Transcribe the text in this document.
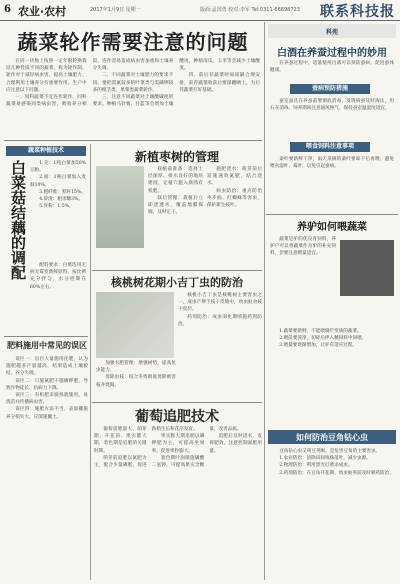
6 农业·农村	2017年1月9日 星期一	版面:孟国勇 校对:李军 Tel:0311-66698723 联系科技报
蔬菜轮作需要注意的问题

在同一块地上按照一定年限轮换栽培几种性质不同的蔬菜，称为轮作制。轮作对于减轻病虫害、提高土壤肥力、合理利用土壤养分有重要作用。生产中应注意以下问题。

一、同科蔬菜不宜连作轮作。同科蔬菜易感染同类病虫害，吸收养分相似，连作容易造成病虫害加重和土壤养分失调。

二、不同蔬菜对土壤肥力的要求不同。要把需氮较多的叶菜类与需磷钾较多的根茎类、果菜类蔬菜轮作。

三、注意不同蔬菜对土壤酸碱度的要求。种植马铃薯、甘蓝等会增加土壤酸度，种植南瓜、玉米等会减少土壤酸度。

四、前后茬蔬菜时间间隔合理安排，前茬蔬菜收获后要深翻晒土，为后茬蔬菜打好基础。

蔬菜种植技术
白菜菇结藕的调配	1.壳：1吨白菜加50%豆粕。

2.面：1吨白菜加入麦麸10%。

3.粗纤维：秸秆15%。

4.碎渣：粗米糠3%。

5.骨粉：1.5%。

配料要求：白菜选用无病无霉变新鲜原料，按比例充分拌匀，水分控制在60%左右。

肥料施用中常见的误区

误区一：盲目大量施用化肥，认为施肥越多产量越高，结果造成土壤板结、养分失调。

误区二：只施氮肥不施磷钾肥，导致作物徒长、抗病力下降。

误区三：有机肥未腐熟就施用，易烧苗并传播病虫害。

误区四：施肥方法不当，表面撒施养分损失大，应深施覆土。

新植枣树的管理

栽植前准备：选择土层深厚、排水良好的地块建园，定植穴施入腐熟有机肥。

栽后管理：栽植后立即浇透水，覆盖地膜保墒，及时定干。

施肥浇水：萌芽前后追施速效氮肥，结合浇水。

病虫防治：重点防治枣步曲、红蜘蛛等害虫，保护新生枝叶。

核桃树花期小吉丁虫的防治

核桃小吉丁虫是核桃树主要害虫之一，成虫产卵于枝干皮缝中，幼虫蛀食枝干皮层。

药剂防治：成虫羽化期喷施药剂防治。

加强水肥管理：增强树势，提高抗虫能力。

剪除虫枝：结合冬剪彻底剪除被害枝并烧毁。

葡萄追肥技术

葡萄需肥量大，萌芽期、开花前、果实膨大期、着色期是追肥的关键时期。

萌芽前追肥以氮肥为主，配合少量磷肥，促进新梢生长和花序发育。

果实膨大期追肥以磷钾肥为主，可提高坐果率，促进果粒膨大。

着色期叶面喷施磷酸二氢钾，可提高果实含糖量，改善品质。

追肥后及时浇水，发挥肥效，注意控制氮肥用量。

科苑
白酒在养蚕过程中的妙用

在养蚕过程中，适量使用白酒可以预防蚕病、促进蚕体健康。

蚕病预防措施

蚕室蚕具在养蚕前要彻底消毒，发现病蚕及时淘汰，用石灰消毒。饲养期间注意通风换气，保持蚕室温湿度适宜。

喂食饲料注意事项

桑叶要新鲜干净，雨天采摘的桑叶要晾干后再喂，避免喂食湿叶、霉叶，以免引起蚕病。

养驴如何喂蔬菜

蔬菜是驴的优良青饲料，养驴户可以将蔬菜作为驴的补充饲料，但要注意喂量适宜。

1.蔬菜要新鲜，不能喂腐烂变质的蔬菜。

2.喂前要洗净，切碎后拌入精饲料中饲喂。

3.喂量要逐渐增加，让驴有适应过程。

如何防治豆角钻心虫

豆角钻心虫又叫豆荚螟，是危害豆角的主要害虫。

1.农业防治：清除田间残株落叶，减少虫源。

2.物理防治：利用黑光灯诱杀成虫。

3.药剂防治：在豆角开花期、幼虫蛀荚前及时喷药防治。
